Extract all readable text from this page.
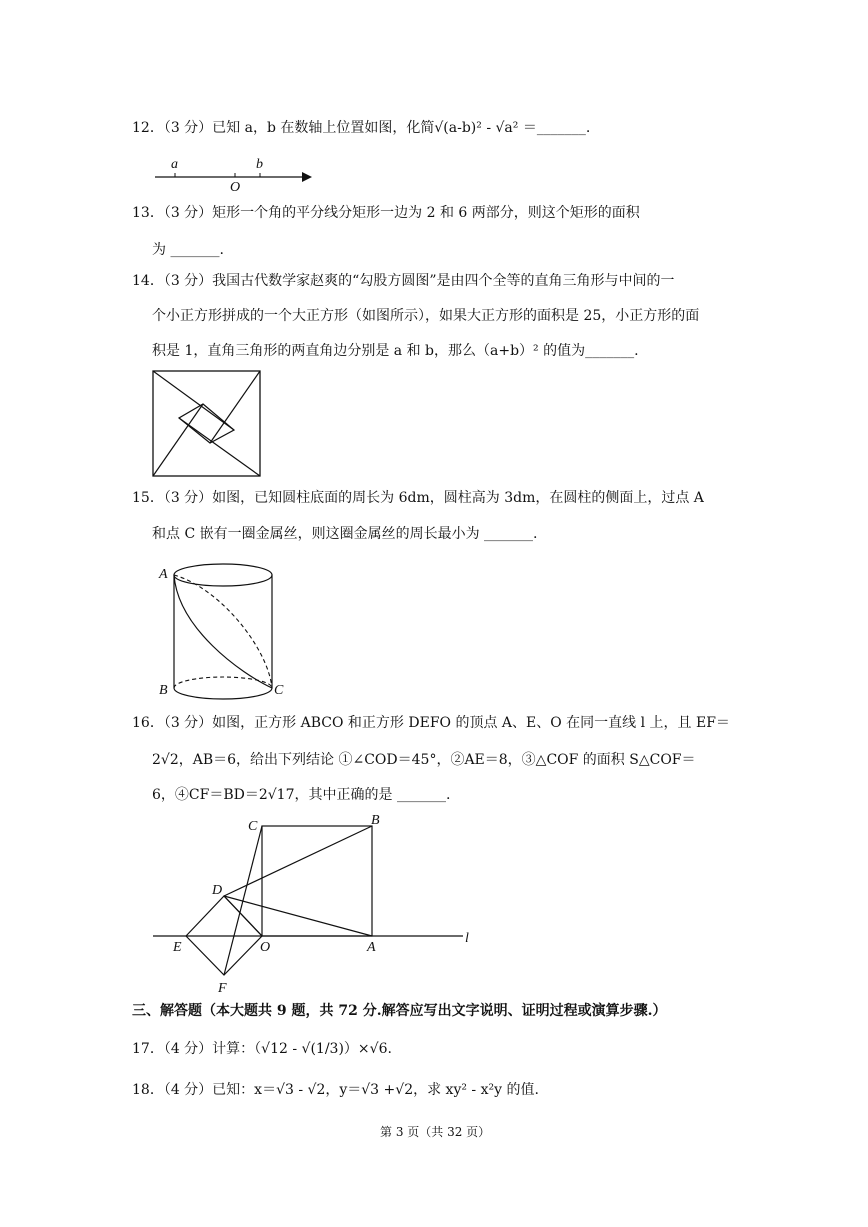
12．（3 分）已知 a，b 在数轴上位置如图，化简√(a-b)² - √a² ＝_______.
a	b
O
13．（3 分）矩形一个角的平分线分矩形一边为 2 和 6 两部分，则这个矩形的面积
为 _______.
14．（3 分）我国古代数学家赵爽的“勾股方圆图”是由四个全等的直角三角形与中间的一
个小正方形拼成的一个大正方形（如图所示），如果大正方形的面积是 25，小正方形的面
积是 1，直角三角形的两直角边分别是 a 和 b，那么（a+b）² 的值为_______.
15．（3 分）如图，已知圆柱底面的周长为 6dm，圆柱高为 3dm，在圆柱的侧面上，过点 A
和点 C 嵌有一圈金属丝，则这圈金属丝的周长最小为 _______.
A
B	C
16．（3 分）如图，正方形 ABCO 和正方形 DEFO 的顶点 A、E、O 在同一直线 l 上，且 EF＝
2√2，AB＝6，给出下列结论 ①∠COD＝45°，②AE＝8，③△COF 的面积 S△COF＝
6，④CF＝BD＝2√17，其中正确的是 _______.
C	B
D
E	O	A
F
l
三、解答题（本大题共 9 题，共 72 分.解答应写出文字说明、证明过程或演算步骤.）
17．（4 分）计算：（√12 - √(1/3)）×√6.
18．（4 分）已知：x＝√3 - √2，y＝√3 +√2，求 xy² - x²y 的值.
第 3 页（共 32 页）
